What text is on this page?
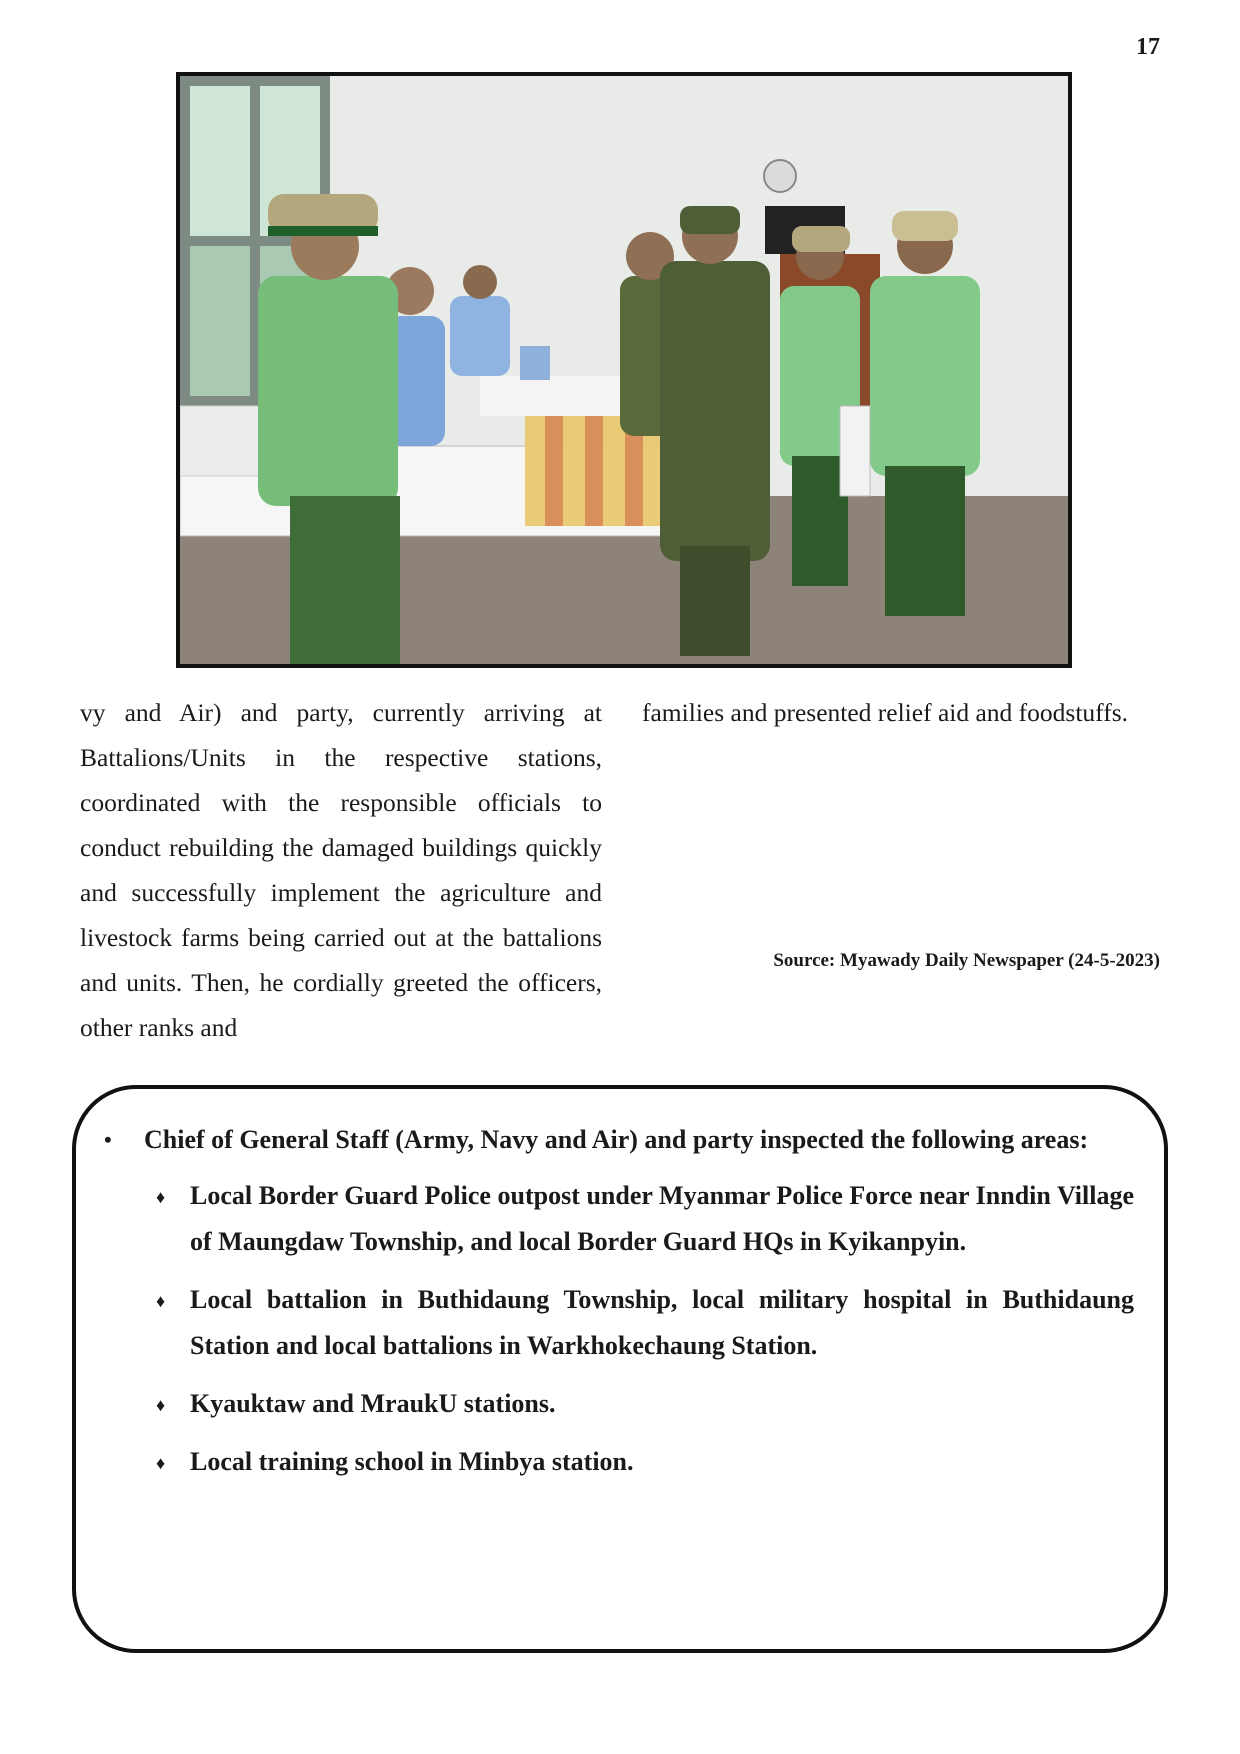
17

vy and Air) and party, currently arriving at Battalions/Units in the respective stations, coordinated with the responsible officials to conduct rebuilding the damaged buildings quickly and successfully implement the agriculture and livestock farms being carried out at the battalions and units. Then, he cordially greeted the officers, other ranks and

families and presented relief aid and foodstuffs.

Source: Myawady Daily Newspaper (24-5-2023)
• Chief of General Staff (Army, Navy and Air) and party inspected the following areas:
♦ Local Border Guard Police outpost under Myanmar Police Force near Inndin Village of Maungdaw Township, and local Border Guard HQs in Kyikanpyin.
♦ Local battalion in Buthidaung Township, local military hospital in Buthidaung Station and local battalions in Warkhokechaung Station.
♦ Kyauktaw and MraukU stations.
♦ Local training school in Minbya station.
